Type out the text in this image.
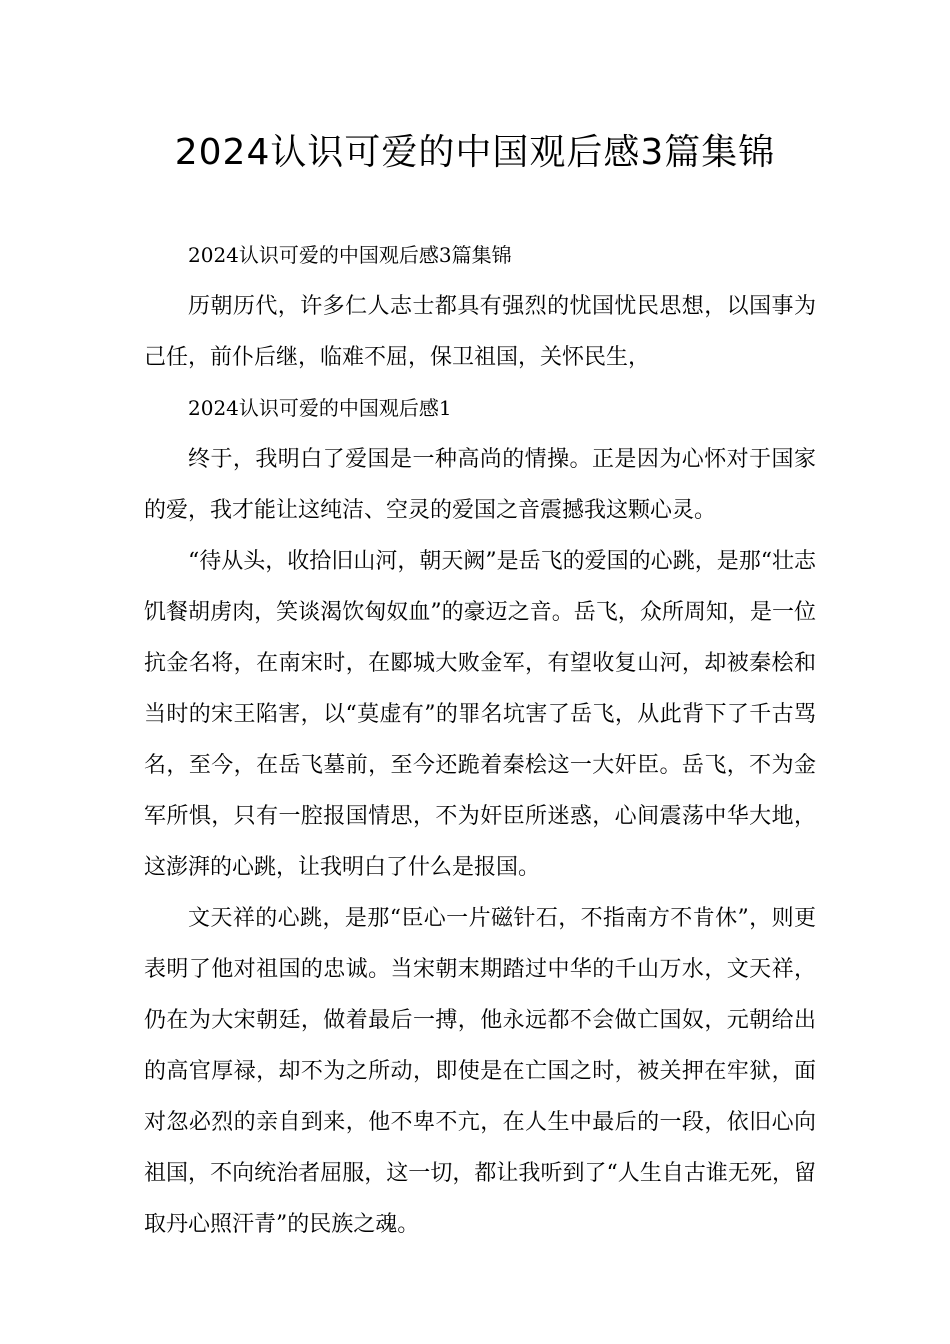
2024认识可爱的中国观后感3篇集锦

2024认识可爱的中国观后感3篇集锦

历朝历代，许多仁人志士都具有强烈的忧国忧民思想，以国事为己任，前仆后继，临难不屈，保卫祖国，关怀民生，

2024认识可爱的中国观后感1

终于，我明白了爱国是一种高尚的情操。正是因为心怀对于国家的爱，我才能让这纯洁、空灵的爱国之音震撼我这颗心灵。

“待从头，收拾旧山河，朝天阙”是岳飞的爱国的心跳，是那“壮志饥餐胡虏肉，笑谈渴饮匈奴血”的豪迈之音。岳飞，众所周知，是一位抗金名将，在南宋时，在郾城大败金军，有望收复山河，却被秦桧和当时的宋王陷害，以“莫虚有”的罪名坑害了岳飞，从此背下了千古骂名，至今，在岳飞墓前，至今还跪着秦桧这一大奸臣。岳飞，不为金军所惧，只有一腔报国情思，不为奸臣所迷惑，心间震荡中华大地，这澎湃的心跳，让我明白了什么是报国。

文天祥的心跳，是那“臣心一片磁针石，不指南方不肯休”，则更表明了他对祖国的忠诚。当宋朝末期踏过中华的千山万水，文天祥，仍在为大宋朝廷，做着最后一搏，他永远都不会做亡国奴，元朝给出的高官厚禄，却不为之所动，即使是在亡国之时，被关押在牢狱，面对忽必烈的亲自到来，他不卑不亢，在人生中最后的一段，依旧心向祖国，不向统治者屈服，这一切，都让我听到了“人生自古谁无死，留取丹心照汗青”的民族之魂。
